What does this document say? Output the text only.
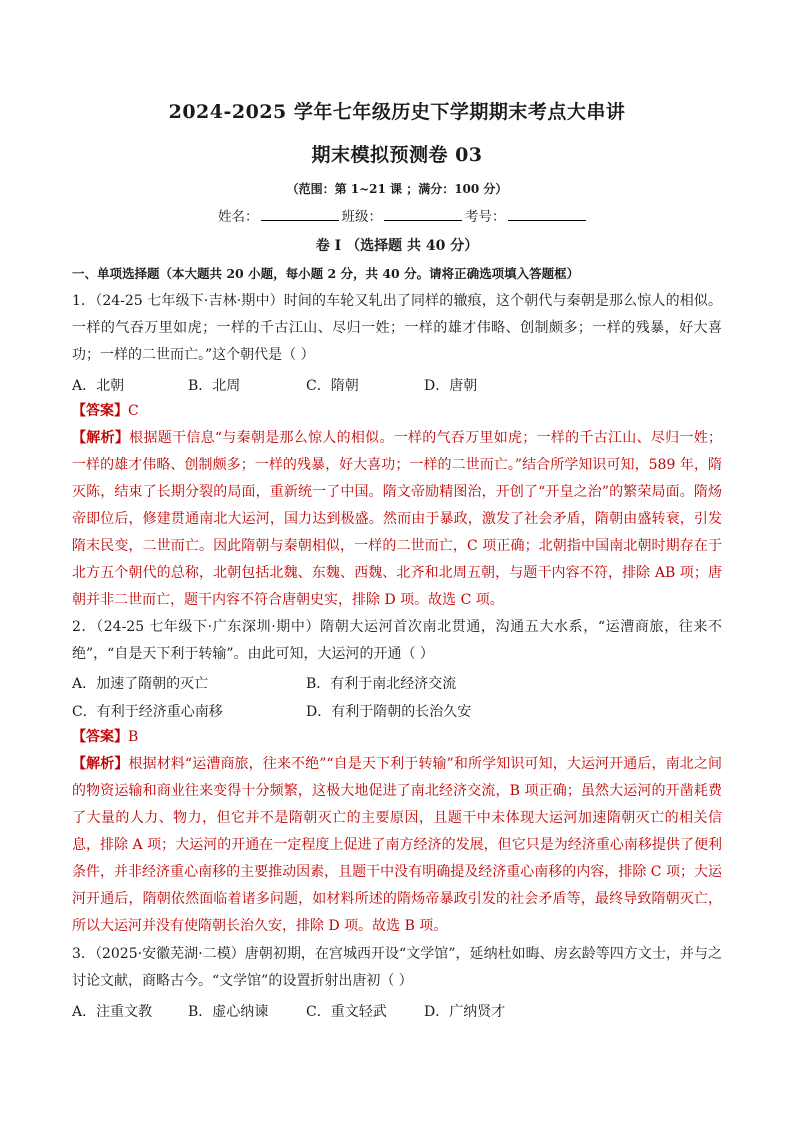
2024-2025 学年七年级历史下学期期末考点大串讲
期末模拟预测卷 03
（范围：第 1~21 课 ；满分：100 分）
姓名：	班级：	考号：
卷 I （选择题 共 40 分）
一、单项选择题（本大题共 20 小题，每小题 2 分，共 40 分。请将正确选项填入答题框）
1．（24-25 七年级下·吉林·期中）时间的车轮又轧出了同样的辙痕，这个朝代与秦朝是那么惊人的相似。一样的气吞万里如虎；一样的千古江山、尽归一姓；一样的雄才伟略、创制颇多；一样的残暴，好大喜功；一样的二世而亡。”这个朝代是（ ）
A．北朝	B．北周	C．隋朝	D．唐朝
【答案】C
【解析】根据题干信息“与秦朝是那么惊人的相似。一样的气吞万里如虎；一样的千古江山、尽归一姓；一样的雄才伟略、创制颇多；一样的残暴，好大喜功；一样的二世而亡。”结合所学知识可知，589 年，隋灭陈，结束了长期分裂的局面，重新统一了中国。隋文帝励精图治，开创了“开皇之治”的繁荣局面。隋炀帝即位后，修建贯通南北大运河，国力达到极盛。然而由于暴政，激发了社会矛盾，隋朝由盛转衰，引发隋末民变，二世而亡。因此隋朝与秦朝相似，一样的二世而亡，C 项正确；北朝指中国南北朝时期存在于北方五个朝代的总称，北朝包括北魏、东魏、西魏、北齐和北周五朝，与题干内容不符，排除 AB 项；唐朝并非二世而亡，题干内容不符合唐朝史实，排除 D 项。故选 C 项。
2．（24-25 七年级下·广东深圳·期中）隋朝大运河首次南北贯通，沟通五大水系，“运漕商旅，往来不绝”，“自是天下利于转输”。由此可知，大运河的开通（ ）
A．加速了隋朝的灭亡	B．有利于南北经济交流
C．有利于经济重心南移	D．有利于隋朝的长治久安
【答案】B
【解析】根据材料“运漕商旅，往来不绝”“自是天下利于转输”和所学知识可知，大运河开通后，南北之间的物资运输和商业往来变得十分频繁，这极大地促进了南北经济交流，B 项正确；虽然大运河的开凿耗费了大量的人力、物力，但它并不是隋朝灭亡的主要原因，且题干中未体现大运河加速隋朝灭亡的相关信息，排除 A 项；大运河的开通在一定程度上促进了南方经济的发展，但它只是为经济重心南移提供了便利条件，并非经济重心南移的主要推动因素，且题干中没有明确提及经济重心南移的内容，排除 C 项；大运河开通后，隋朝依然面临着诸多问题，如材料所述的隋炀帝暴政引发的社会矛盾等，最终导致隋朝灭亡，所以大运河并没有使隋朝长治久安，排除 D 项。故选 B 项。
3．（2025·安徽芜湖·二模）唐朝初期，在宫城西开设“文学馆”，延纳杜如晦、房玄龄等四方文士，并与之讨论文献，商略古今。“文学馆”的设置折射出唐初（ ）
A．注重文教	B．虚心纳谏	C．重文轻武	D．广纳贤才
